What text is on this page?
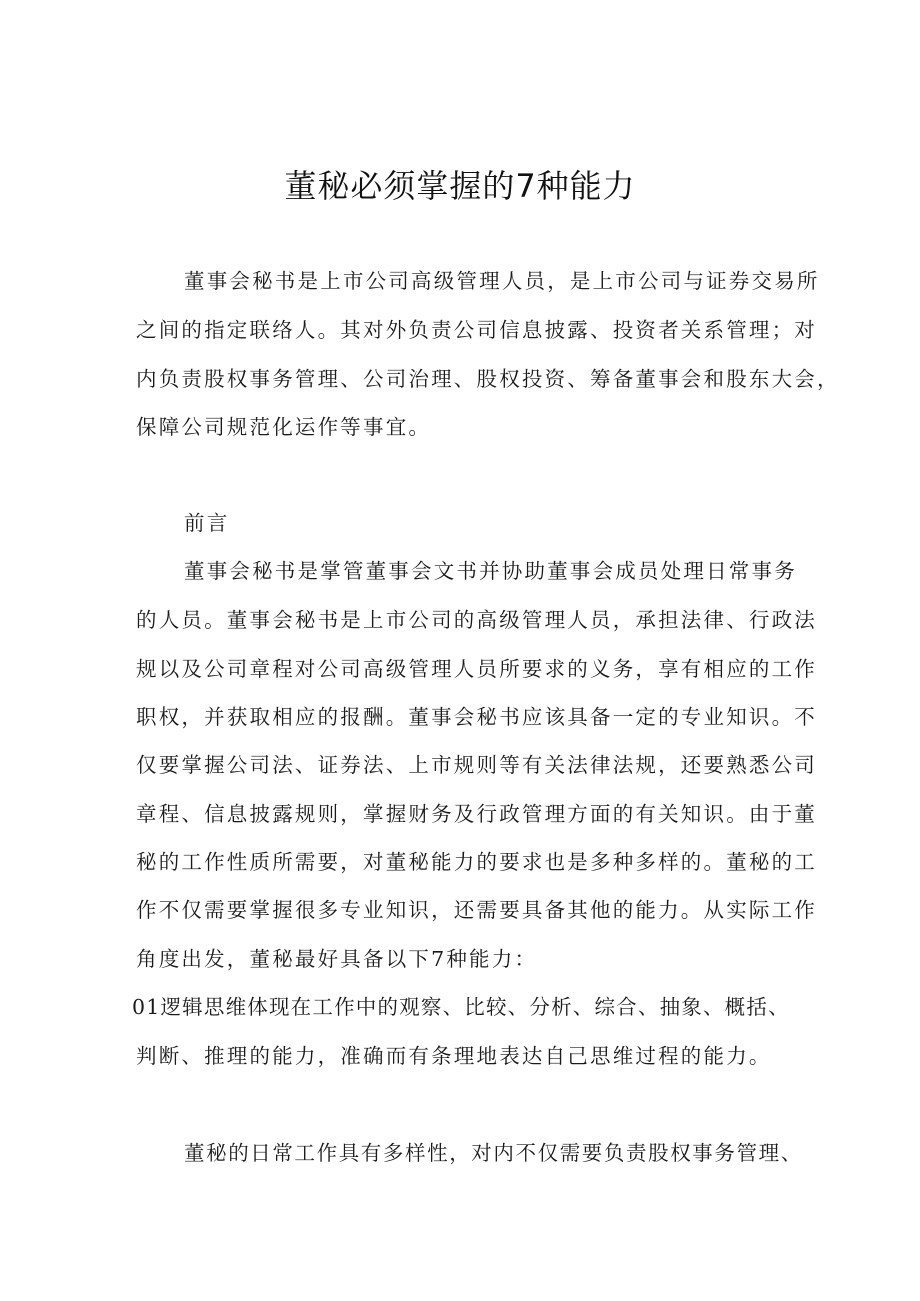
董秘必须掌握的7种能力
董事会秘书是上市公司高级管理人员，是上市公司与证券交易所
之间的指定联络人。其对外负责公司信息披露、投资者关系管理；对
内负责股权事务管理、公司治理、股权投资、筹备董事会和股东大会，
保障公司规范化运作等事宜。
前言
董事会秘书是掌管董事会文书并协助董事会成员处理日常事务
的人员。董事会秘书是上市公司的高级管理人员，承担法律、行政法
规以及公司章程对公司高级管理人员所要求的义务，享有相应的工作
职权，并获取相应的报酬。董事会秘书应该具备一定的专业知识。不
仅要掌握公司法、证券法、上市规则等有关法律法规，还要熟悉公司
章程、信息披露规则，掌握财务及行政管理方面的有关知识。由于董
秘的工作性质所需要，对董秘能力的要求也是多种多样的。董秘的工
作不仅需要掌握很多专业知识，还需要具备其他的能力。从实际工作
角度出发，董秘最好具备以下7种能力：
01逻辑思维体现在工作中的观察、比较、分析、综合、抽象、概括、
判断、推理的能力，准确而有条理地表达自己思维过程的能力。
董秘的日常工作具有多样性，对内不仅需要负责股权事务管理、
